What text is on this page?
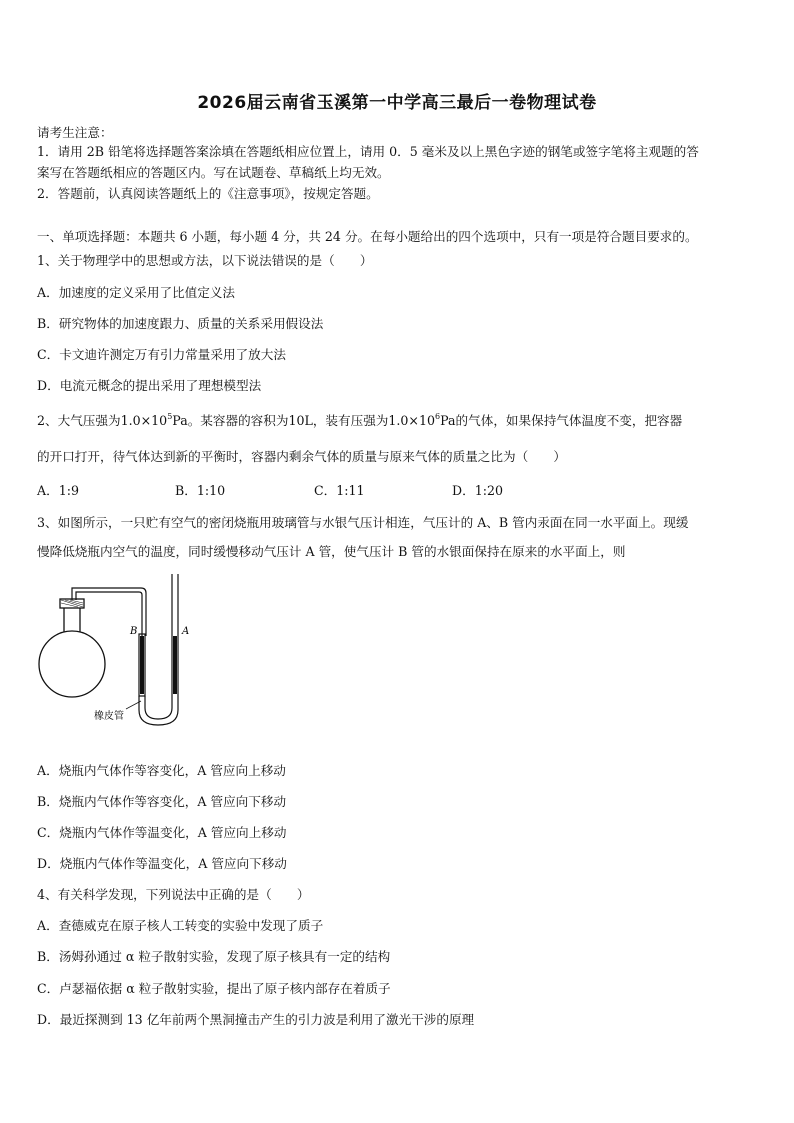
2026届云南省玉溪第一中学高三最后一卷物理试卷
请考生注意：
1．请用 2B 铅笔将选择题答案涂填在答题纸相应位置上，请用 0．5 毫米及以上黑色字迹的钢笔或签字笔将主观题的答
案写在答题纸相应的答题区内。写在试题卷、草稿纸上均无效。
2．答题前，认真阅读答题纸上的《注意事项》，按规定答题。
一、单项选择题：本题共 6 小题，每小题 4 分，共 24 分。在每小题给出的四个选项中，只有一项是符合题目要求的。
1、关于物理学中的思想或方法，以下说法错误的是（　　）
A．加速度的定义采用了比值定义法
B．研究物体的加速度跟力、质量的关系采用假设法
C．卡文迪许测定万有引力常量采用了放大法
D．电流元概念的提出采用了理想模型法
2、大气压强为$1.0\times 10^5Pa$。某容器的容积为10L，装有压强为$1.0\times 10^6Pa$的气体，如果保持气体温度不变，把容器
的开口打开，待气体达到新的平衡时，容器内剩余气体的质量与原来气体的质量之比为（　　）
A．1:9	B．1:10	C．1:11	D．1:20
3、如图所示，一只贮有空气的密闭烧瓶用玻璃管与水银气压计相连，气压计的 A、B 管内汞面在同一水平面上。现缓
慢降低烧瓶内空气的温度，同时缓慢移动气压计 A 管，使气压计 B 管的水银面保持在原来的水平面上，则
B	A
橡皮管
A．烧瓶内气体作等容变化，A 管应向上移动
B．烧瓶内气体作等容变化，A 管应向下移动
C．烧瓶内气体作等温变化，A 管应向上移动
D．烧瓶内气体作等温变化，A 管应向下移动
4、有关科学发现，下列说法中正确的是（　　）
A．查德威克在原子核人工转变的实验中发现了质子
B．汤姆孙通过 α 粒子散射实验，发现了原子核具有一定的结构
C．卢瑟福依据 α 粒子散射实验，提出了原子核内部存在着质子
D．最近探测到 13 亿年前两个黑洞撞击产生的引力波是利用了激光干涉的原理
